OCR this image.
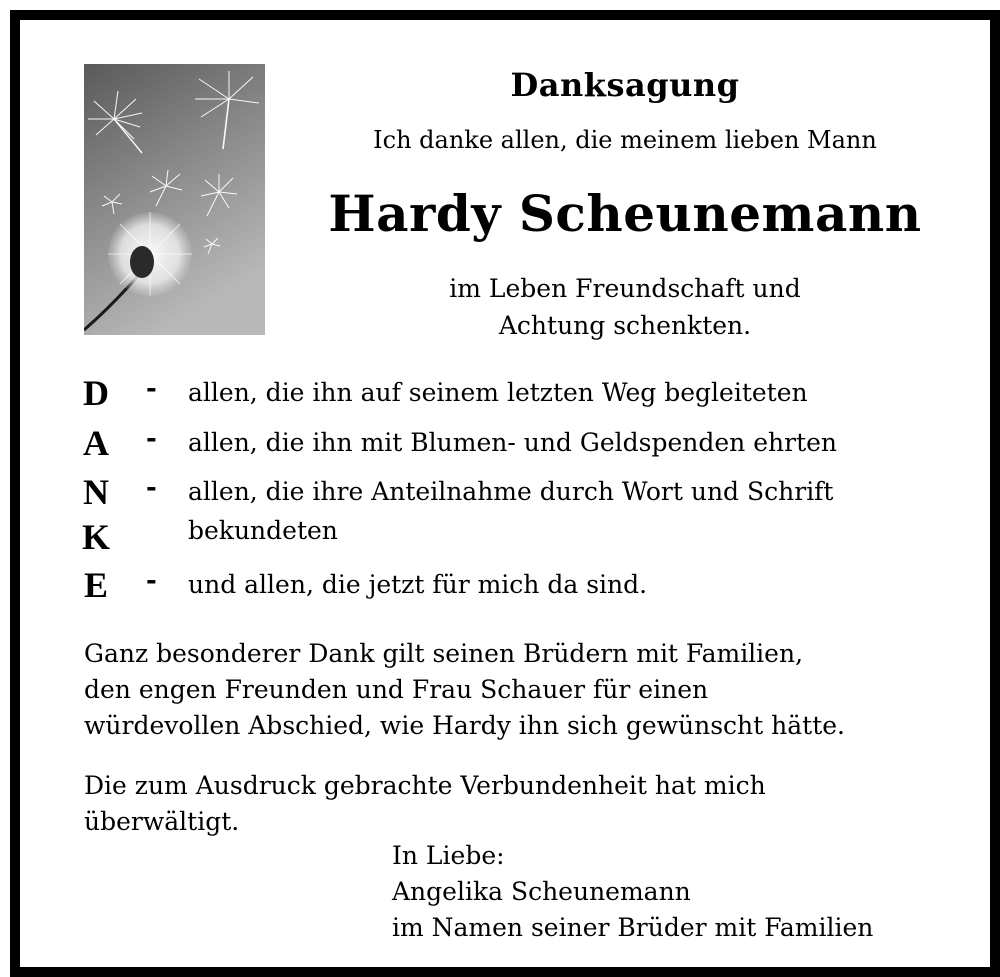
Danksagung
Ich danke allen, die meinem lieben Mann
Hardy Scheunemann
im Leben Freundschaft und
Achtung schenkten.
D - allen, die ihn auf seinem letzten Weg begleiteten
A - allen, die ihn mit Blumen- und Geldspenden ehrten
N - allen, die ihre Anteilnahme durch Wort und Schrift
K	bekundeten
E	- und allen, die jetzt für mich da sind.
Ganz besonderer Dank gilt seinen Brüdern mit Familien,
den engen Freunden und Frau Schauer für einen
würdevollen Abschied, wie Hardy ihn sich gewünscht hätte.
Die zum Ausdruck gebrachte Verbundenheit hat mich
überwältigt.
In Liebe:
Angelika Scheunemann
im Namen seiner Brüder mit Familien
